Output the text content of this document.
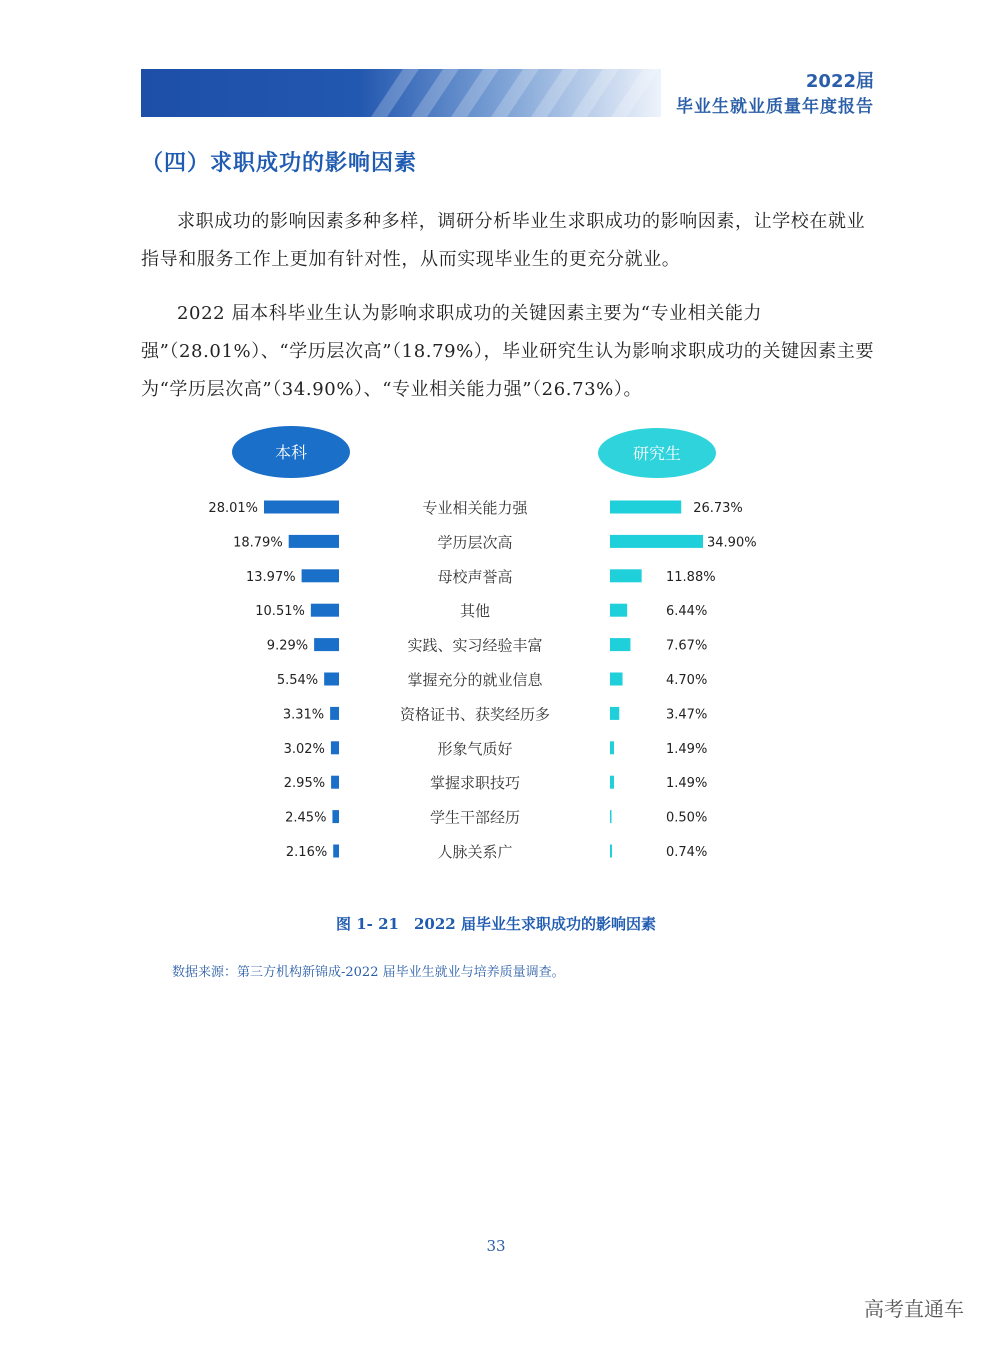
2022届
毕业生就业质量年度报告
（四）求职成功的影响因素
求职成功的影响因素多种多样，调研分析毕业生求职成功的影响因素，让学校在就业指导和服务工作上更加有针对性，从而实现毕业生的更充分就业。
2022 届本科毕业生认为影响求职成功的关键因素主要为“专业相关能力强”（28.01%）、“学历层次高”（18.79%），毕业研究生认为影响求职成功的关键因素主要为“学历层次高”（34.90%）、“专业相关能力强”（26.73%）。
本科	研究生
28.01%	专业相关能力强	26.73%
18.79%	学历层次高	34.90%
13.97%	母校声誉高	11.88%
10.51%	其他	6.44%
9.29%	实践、实习经验丰富	7.67%
5.54%	掌握充分的就业信息	4.70%
3.31%	资格证书、获奖经历多	3.47%
3.02%	形象气质好	1.49%
2.95%	掌握求职技巧	1.49%
2.45%	学生干部经历	0.50%
2.16%	人脉关系广	0.74%
图 1- 21　2022 届毕业生求职成功的影响因素
数据来源：第三方机构新锦成-2022 届毕业生就业与培养质量调查。
33
高考直通车
